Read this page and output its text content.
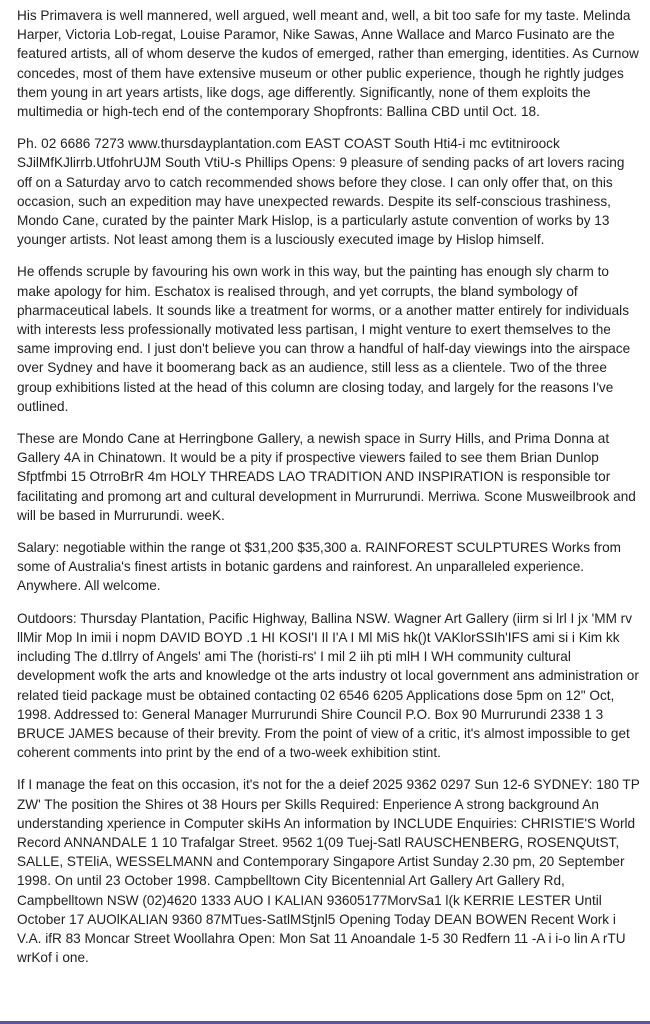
His Primavera is well mannered, well argued, well meant and, well, a bit too safe for my taste. Melinda Harper, Victoria Lob-regat, Louise Paramor, Nike Sawas, Anne Wallace and Marco Fusinato are the featured artists, all of whom deserve the kudos of emerged, rather than emerging, identities. As Curnow concedes, most of them have extensive museum or other public experience, though he rightly judges them young in art years artists, like dogs, age differently. Significantly, none of them exploits the multimedia or high-tech end of the contemporary Shopfronts: Ballina CBD until Oct. 18.

Ph. 02 6686 7273 www.thursdayplantation.com EAST COAST South Hti4-i mc evtitniroock SJilMfKJlirrb.UtfohrUJM South VtiU-s Phillips Opens: 9 pleasure of sending packs of art lovers racing off on a Saturday arvo to catch recommended shows before they close. I can only offer that, on this occasion, such an expedition may have unexpected rewards. Despite its self-conscious trashiness, Mondo Cane, curated by the painter Mark Hislop, is a particularly astute convention of works by 13 younger artists. Not least among them is a lusciously executed image by Hislop himself.

He offends scruple by favouring his own work in this way, but the painting has enough sly charm to make apology for him. Eschatox is realised through, and yet corrupts, the bland symbology of pharmaceutical labels. It sounds like a treatment for worms, or a another matter entirely for individuals with interests less professionally motivated less partisan, I might venture to exert themselves to the same improving end. I just don't believe you can throw a handful of half-day viewings into the airspace over Sydney and have it boomerang back as an audience, still less as a clientele. Two of the three group exhibitions listed at the head of this column are closing today, and largely for the reasons I've outlined.

These are Mondo Cane at Herringbone Gallery, a newish space in Surry Hills, and Prima Donna at Gallery 4A in Chinatown. It would be a pity if prospective viewers failed to see them Brian Dunlop Sfptfmbi 15 OtrroBrR 4m HOLY THREADS LAO TRADITION AND INSPIRATION is responsible tor facilitating and promong art and cultural development in Murrurundi. Merriwa. Scone Musweilbrook and will be based in Murrurundi. weeK.

Salary: negotiable within the range ot $31,200 $35,300 a. RAINFOREST SCULPTURES Works from some of Australia's finest artists in botanic gardens and rainforest. An unparalleled experience. Anywhere. All welcome.

Outdoors: Thursday Plantation, Pacific Highway, Ballina NSW. Wagner Art Gallery (iirm si lrl I jx 'MM rv llMir Mop In imii i nopm DAVID BOYD .1 HI KOSI'I Il I'A I Ml MiS hk()t VAKlorSSIh'IFS ami si i Kim kk including The d.tllrry of Angels' ami The (horisti-rs' I mil 2 iih pti mlH I WH community cultural development wofk the arts and knowledge ot the arts industry ot local government ans administration or related tieid package must be obtained contacting 02 6546 6205 Applications dose 5pm on 12" Oct, 1998. Addressed to: General Manager Murrurundi Shire Council P.O. Box 90 Murrurundi 2338 1 3 BRUCE JAMES because of their brevity. From the point of view of a critic, it's almost impossible to get coherent comments into print by the end of a two-week exhibition stint.

If I manage the feat on this occasion, it's not for the a deief 2025 9362 0297 Sun 12-6 SYDNEY: 180 TP ZW' The position the Shires ot 38 Hours per Skills Required: Enperience A strong background An understanding xperience in Computer skiHs An information by INCLUDE Enquiries: CHRISTIE'S World Record ANNANDALE 1 10 Trafalgar Street. 9562 1(09 Tuej-Satl RAUSCHENBERG, ROSENQUtST, SALLE, STEliA, WESSELMANN and Contemporary Singapore Artist Sunday 2.30 pm, 20 September 1998. On until 23 October 1998. Campbelltown City Bicentennial Art Gallery Art Gallery Rd, Campbelltown NSW (02)4620 1333 AUO I KALIAN 93605177MorvSa1 l(k KERRIE LESTER Until October 17 AUOlKALIAN 9360 87MTues-SatlMStjnl5 Opening Today DEAN BOWEN Recent Work i V.A. ifR 83 Moncar Street Woollahra Open: Mon Sat 11 Anoandale 1-5 30 Redfern 11 -A i i-o lin A rTU wrKof i one.
